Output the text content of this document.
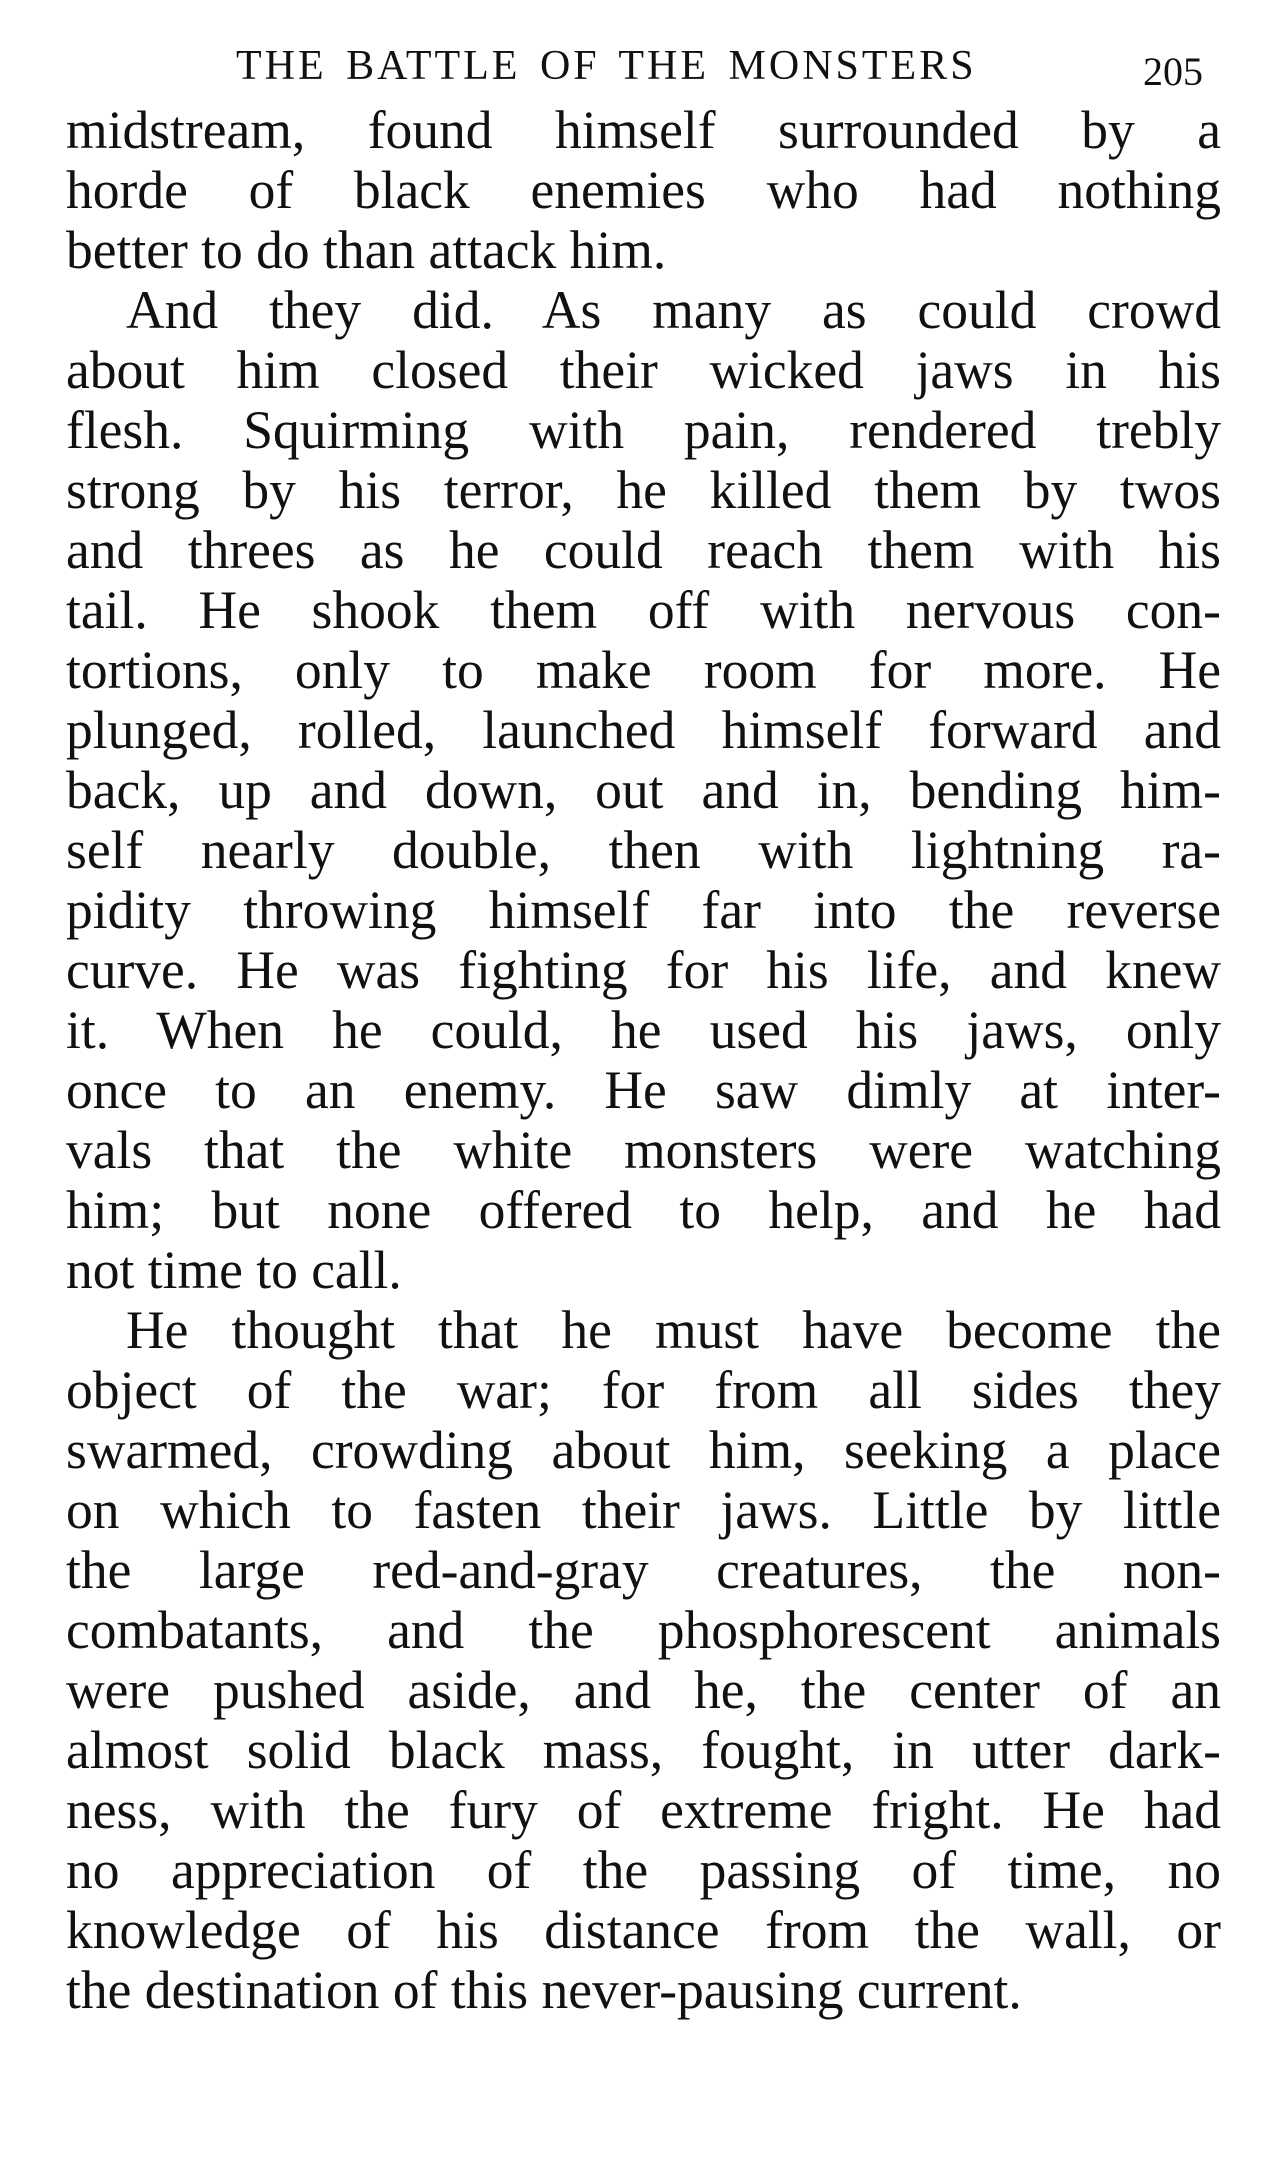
THE BATTLE OF THE MONSTERS	205
midstream, found himself surrounded by a
horde of black enemies who had nothing
better to do than attack him.
And they did. As many as could crowd
about him closed their wicked jaws in his
flesh. Squirming with pain, rendered trebly
strong by his terror, he killed them by twos
and threes as he could reach them with his
tail. He shook them off with nervous con-
tortions, only to make room for more. He
plunged, rolled, launched himself forward and
back, up and down, out and in, bending him-
self nearly double, then with lightning ra-
pidity throwing himself far into the reverse
curve. He was fighting for his life, and knew
it. When he could, he used his jaws, only
once to an enemy. He saw dimly at inter-
vals that the white monsters were watching
him; but none offered to help, and he had
not time to call.
He thought that he must have become the
object of the war; for from all sides they
swarmed, crowding about him, seeking a place
on which to fasten their jaws. Little by little
the large red-and-gray creatures, the non-
combatants, and the phosphorescent animals
were pushed aside, and he, the center of an
almost solid black mass, fought, in utter dark-
ness, with the fury of extreme fright. He had
no appreciation of the passing of time, no
knowledge of his distance from the wall, or
the destination of this never-pausing current.
